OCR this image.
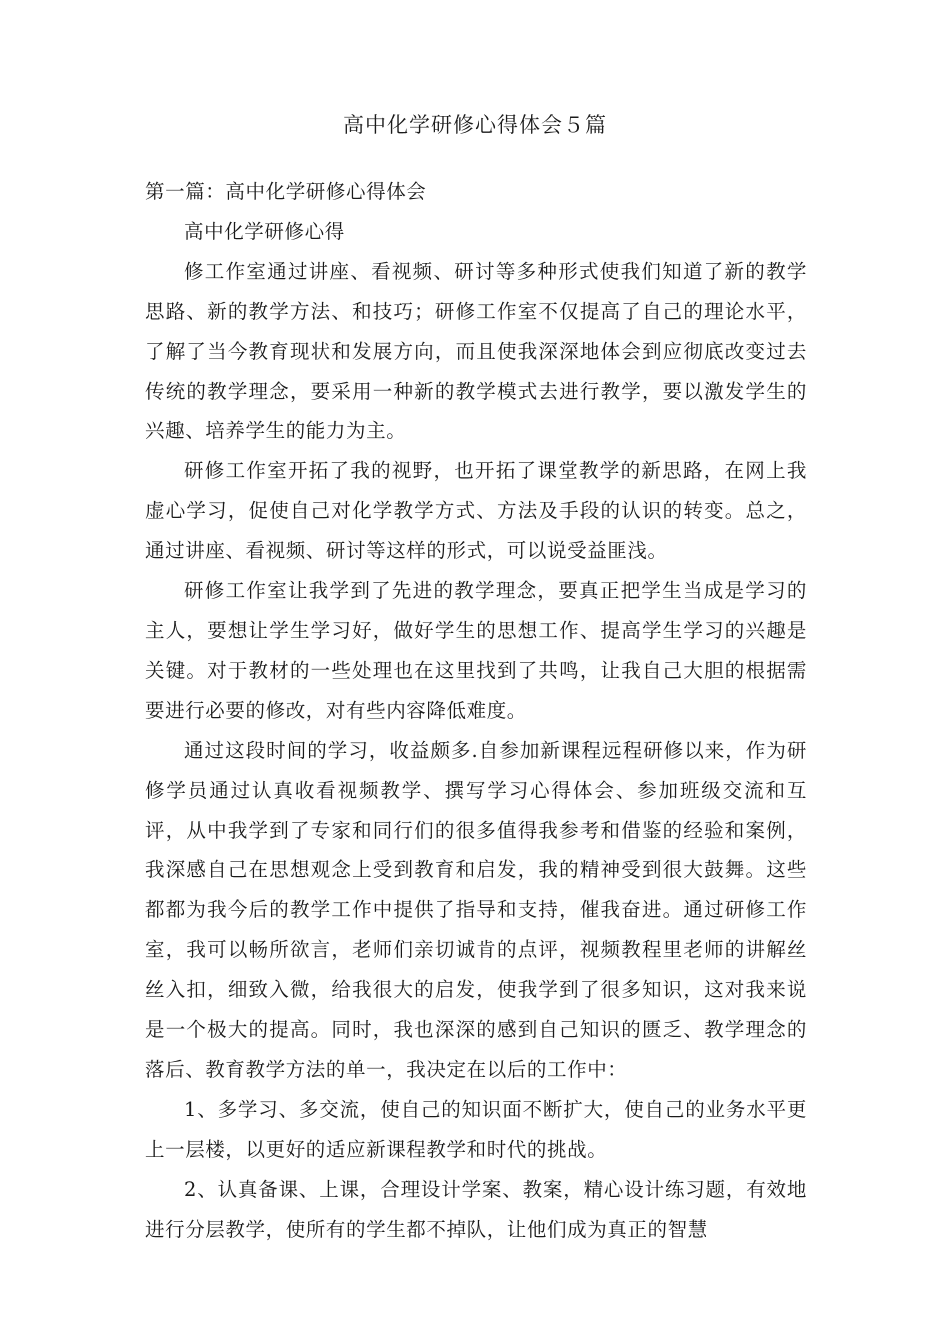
高中化学研修心得体会５篇

第一篇：高中化学研修心得体会

高中化学研修心得

修工作室通过讲座、看视频、研讨等多种形式使我们知道了新的教学思路、新的教学方法、和技巧；研修工作室不仅提高了自己的理论水平，了解了当今教育现状和发展方向，而且使我深深地体会到应彻底改变过去传统的教学理念，要采用一种新的教学模式去进行教学，要以激发学生的兴趣、培养学生的能力为主。

研修工作室开拓了我的视野，也开拓了课堂教学的新思路，在网上我虚心学习，促使自己对化学教学方式、方法及手段的认识的转变。总之，通过讲座、看视频、研讨等这样的形式，可以说受益匪浅。

研修工作室让我学到了先进的教学理念，要真正把学生当成是学习的主人，要想让学生学习好，做好学生的思想工作、提高学生学习的兴趣是关键。对于教材的一些处理也在这里找到了共鸣，让我自己大胆的根据需要进行必要的修改，对有些内容降低难度。

通过这段时间的学习，收益颇多.自参加新课程远程研修以来，作为研修学员通过认真收看视频教学、撰写学习心得体会、参加班级交流和互评，从中我学到了专家和同行们的很多值得我参考和借鉴的经验和案例，我深感自己在思想观念上受到教育和启发，我的精神受到很大鼓舞。这些都都为我今后的教学工作中提供了指导和支持，催我奋进。通过研修工作室，我可以畅所欲言，老师们亲切诚肯的点评，视频教程里老师的讲解丝丝入扣，细致入微，给我很大的启发，使我学到了很多知识，这对我来说是一个极大的提高。同时，我也深深的感到自己知识的匮乏、教学理念的落后、教育教学方法的单一，我决定在以后的工作中：

1、多学习、多交流，使自己的知识面不断扩大，使自己的业务水平更上一层楼，以更好的适应新课程教学和时代的挑战。

2、认真备课、上课，合理设计学案、教案，精心设计练习题，有效地进行分层教学，使所有的学生都不掉队，让他们成为真正的智慧
